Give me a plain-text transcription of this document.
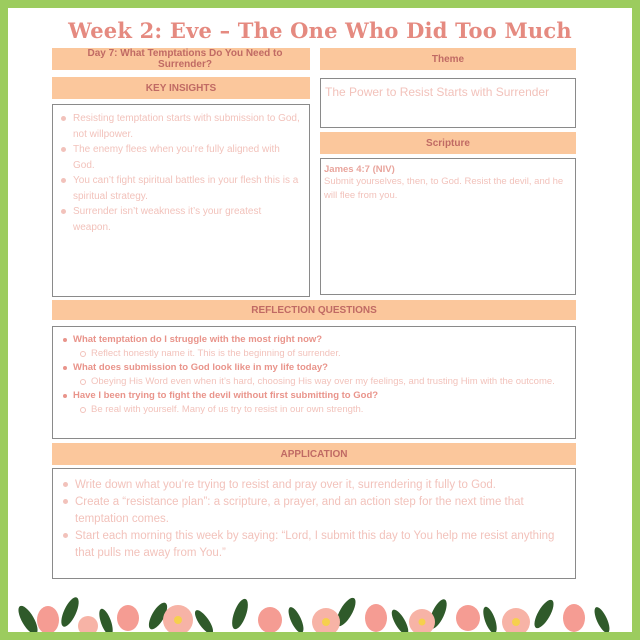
Week 2: Eve – The One Who Did Too Much
Day 7: What Temptations Do You Need to Surrender?
KEY INSIGHTS
Resisting temptation starts with submission to God, not willpower.
The enemy flees when you’re fully aligned with God.
You can’t fight spiritual battles in your flesh this is a spiritual strategy.
Surrender isn’t weakness it’s your greatest weapon.
Theme
The Power to Resist Starts with Surrender
Scripture
James 4:7 (NIV)
Submit yourselves, then, to God. Resist the devil, and he will flee from you.
REFLECTION QUESTIONS
What temptation do I struggle with the most right now?
Reflect honestly name it. This is the beginning of surrender.
What does submission to God look like in my life today?
Obeying His Word even when it’s hard, choosing His way over my feelings, and trusting Him with the outcome.
Have I been trying to fight the devil without first submitting to God?
Be real with yourself. Many of us try to resist in our own strength.
APPLICATION
Write down what you’re trying to resist and pray over it, surrendering it fully to God.
Create a “resistance plan”: a scripture, a prayer, and an action step for the next time that temptation comes.
Start each morning this week by saying: “Lord, I submit this day to You help me resist anything that pulls me away from You.”
